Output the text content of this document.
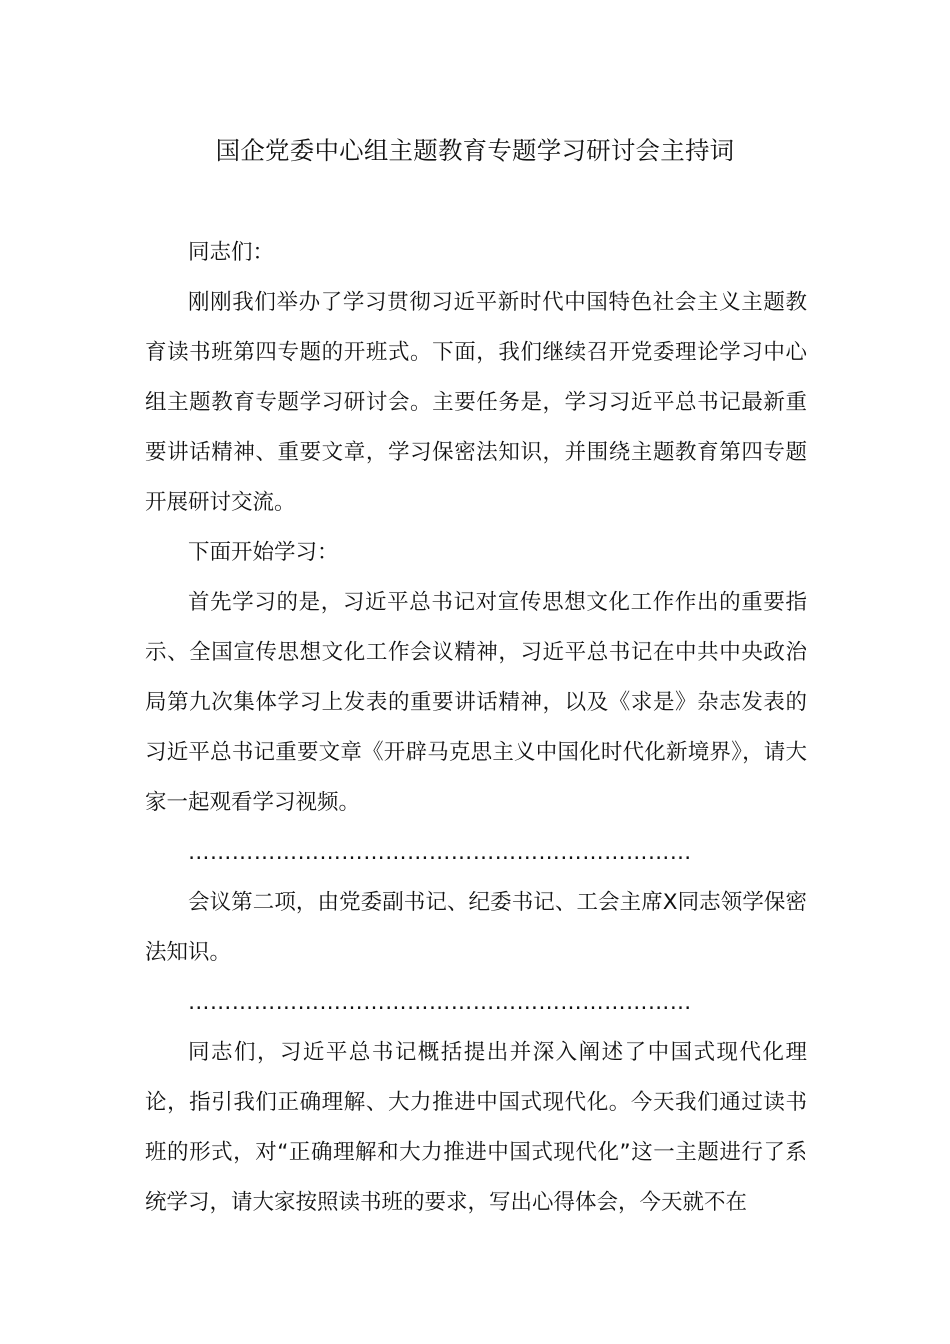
国企党委中心组主题教育专题学习研讨会主持词

同志们：

刚刚我们举办了学习贯彻习近平新时代中国特色社会主义主题教育读书班第四专题的开班式。下面，我们继续召开党委理论学习中心组主题教育专题学习研讨会。主要任务是，学习习近平总书记最新重要讲话精神、重要文章，学习保密法知识，并围绕主题教育第四专题开展研讨交流。

下面开始学习：

首先学习的是，习近平总书记对宣传思想文化工作作出的重要指示、全国宣传思想文化工作会议精神，习近平总书记在中共中央政治局第九次集体学习上发表的重要讲话精神，以及《求是》杂志发表的习近平总书记重要文章《开辟马克思主义中国化时代化新境界》，请大家一起观看学习视频。

……………………………………………………………

会议第二项，由党委副书记、纪委书记、工会主席X同志领学保密法知识。

……………………………………………………………

同志们，习近平总书记概括提出并深入阐述了中国式现代化理论，指引我们正确理解、大力推进中国式现代化。今天我们通过读书班的形式，对“正确理解和大力推进中国式现代化”这一主题进行了系统学习，请大家按照读书班的要求，写出心得体会，今天就不在
